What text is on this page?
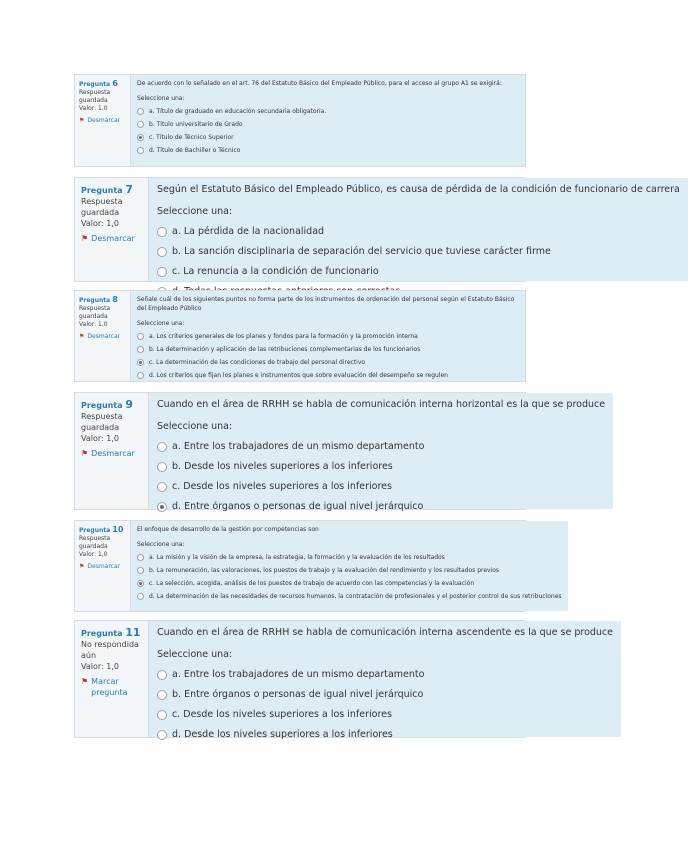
Pregunta 6
Respuesta guardada
Valor: 1,0
⚑ Desmarcar
De acuerdo con lo señalado en el art. 76 del Estatuto Básico del Empleado Público, para el acceso al grupo A1 se exigirá:
Seleccione una:
a. Título de graduado en educación secundaria obligatoria.
b. Título universitario de Grado
c. Título de Técnico Superior
d. Título de Bachiller o Técnico
Pregunta 7
Respuesta guardada
Valor: 1,0
⚑ Desmarcar
Según el Estatuto Básico del Empleado Público, es causa de pérdida de la condición de funcionario de carrera
Seleccione una:
a. La pérdida de la nacionalidad
b. La sanción disciplinaria de separación del servicio que tuviese carácter firme
c. La renuncia a la condición de funcionario
Pregunta 8
Respuesta guardada
Valor: 1,0
⚑ Desmarcar
Señale cuál de los siguientes puntos no forma parte de los instrumentos de ordenación del personal según el Estatuto Básico del Empleado Público
Seleccione una:
a. Los criterios generales de los planes y fondos para la formación y la promoción interna
b. La determinación y aplicación de las retribuciones complementarias de los funcionarios
c. La determinación de las condiciones de trabajo del personal directivo
d. Los criterios que fijan los planes e instrumentos que sobre evaluación del desempeño se regulen
Pregunta 9
Respuesta guardada
Valor: 1,0
⚑ Desmarcar
Cuando en el área de RRHH se habla de comunicación interna horizontal es la que se produce
Seleccione una:
a. Entre los trabajadores de un mismo departamento
b. Desde los niveles superiores a los inferiores
c. Desde los niveles superiores a los inferiores
d. Entre órganos o personas de igual nivel jerárquico
Pregunta 10
Respuesta guardada
Valor: 1,0
⚑ Desmarcar
El enfoque de desarrollo de la gestión por competencias son
Seleccione una:
a. La misión y la visión de la empresa, la estrategia, la formación y la evaluación de los resultados
b. La remuneración, las valoraciones, los puestos de trabajo y la evaluación del rendimiento y los resultados previos
c. La selección, acogida, análisis de los puestos de trabajo de acuerdo con las competencias y la evaluación
d. La determinación de las necesidades de recursos humanos, la contratación de profesionales y el posterior control de sus retribuciones
Pregunta 11
No respondida aún
Valor: 1,0
⚑ Marcar pregunta
Cuando en el área de RRHH se habla de comunicación interna ascendente es la que se produce
Seleccione una:
a. Entre los trabajadores de un mismo departamento
b. Entre órganos o personas de igual nivel jerárquico
c. Desde los niveles superiores a los inferiores
d. Desde los niveles superiores a los inferiores
